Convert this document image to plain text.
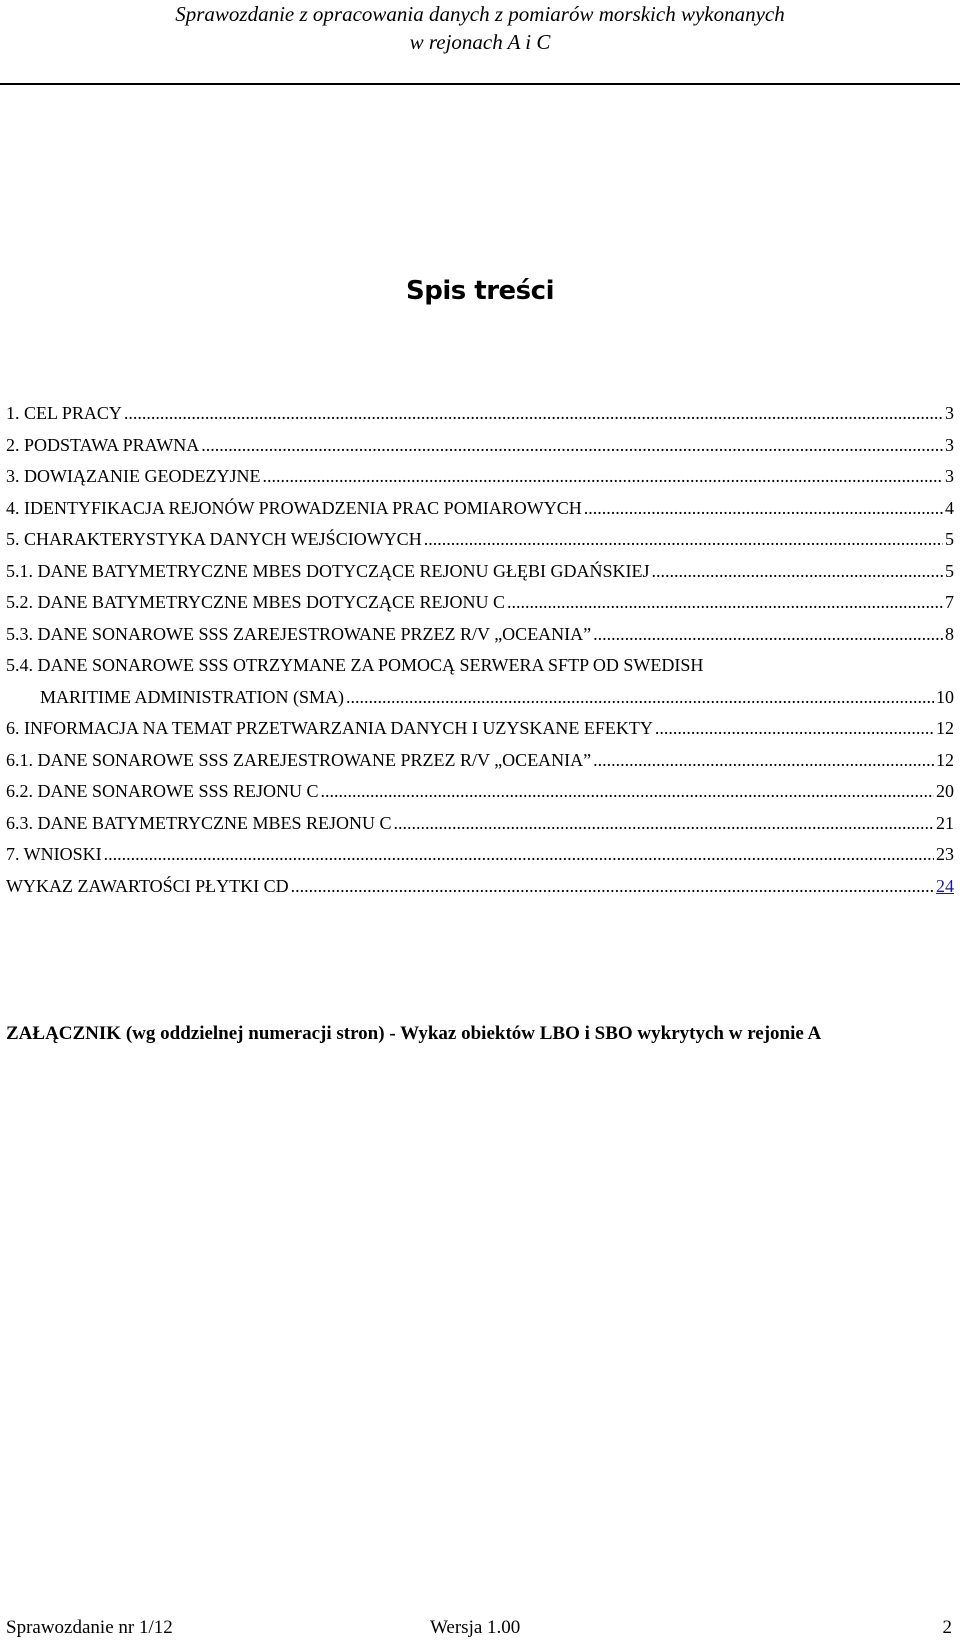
Sprawozdanie z opracowania danych z pomiarów morskich wykonanych
w rejonach A i C
Spis treści
1. CEL PRACY .....	3
2. PODSTAWA PRAWNA .....	3
3. DOWIĄZANIE GEODEZYJNE .....	3
4. IDENTYFIKACJA REJONÓW PROWADZENIA PRAC POMIAROWYCH .....	4
5. CHARAKTERYSTYKA DANYCH WEJŚCIOWYCH .....	5
5.1. DANE BATYMETRYCZNE MBES DOTYCZĄCE REJONU GŁĘBI GDAŃSKIEJ .....	5
5.2. DANE BATYMETRYCZNE MBES DOTYCZĄCE REJONU C .....	7
5.3. DANE SONAROWE SSS ZAREJESTROWANE PRZEZ R/V „OCEANIA” .....	8
5.4. DANE SONAROWE SSS OTRZYMANE ZA POMOCĄ SERWERA SFTP OD SWEDISH
MARITIME ADMINISTRATION (SMA) .....	10
6. INFORMACJA NA TEMAT PRZETWARZANIA DANYCH I UZYSKANE EFEKTY .....	12
6.1. DANE SONAROWE SSS ZAREJESTROWANE PRZEZ R/V „OCEANIA” .....	12
6.2. DANE SONAROWE SSS REJONU C .....	20
6.3. DANE BATYMETRYCZNE MBES REJONU C .....	21
7. WNIOSKI .....	23
WYKAZ ZAWARTOŚCI PŁYTKI CD .....	24
ZAŁĄCZNIK (wg oddzielnej numeracji stron) - Wykaz obiektów LBO i SBO wykrytych w rejonie A
Sprawozdanie nr 1/12	Wersja 1.00	2
